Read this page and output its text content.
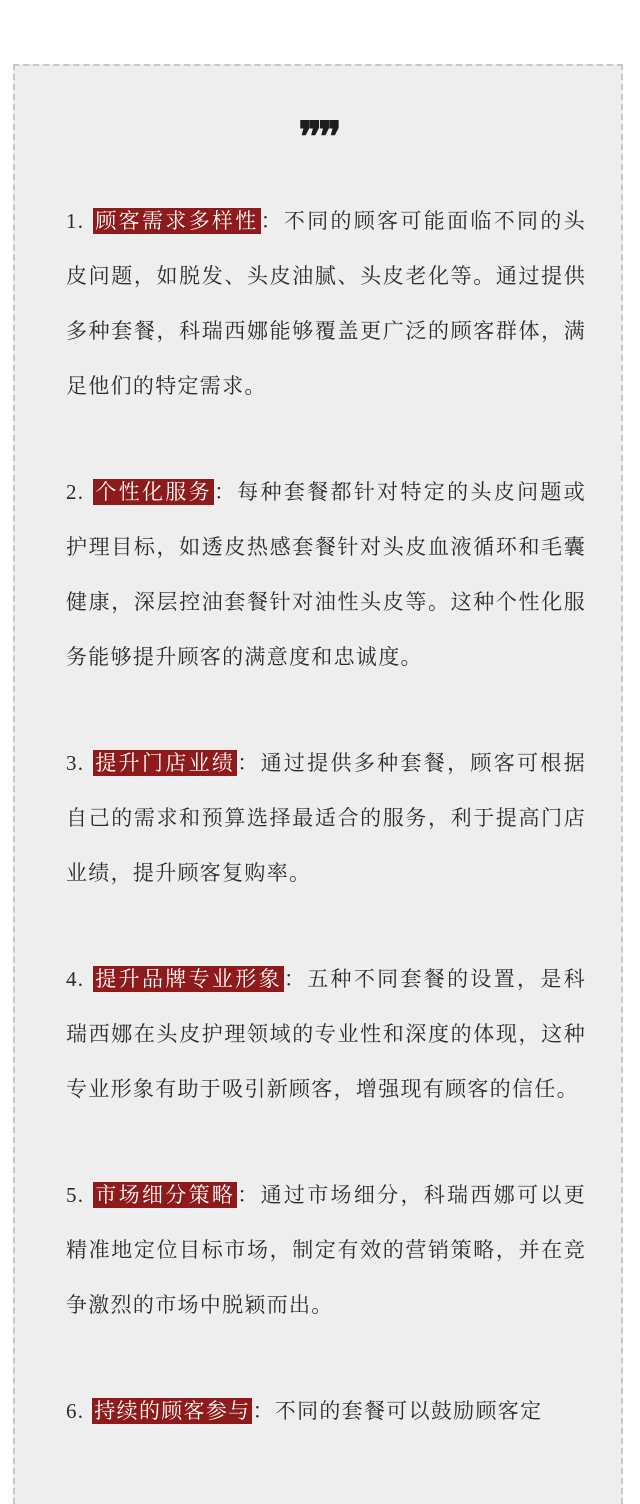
❞❞

1. 顾客需求多样性：不同的顾客可能面临不同的头皮问题，如脱发、头皮油腻、头皮老化等。通过提供多种套餐，科瑞西娜能够覆盖更广泛的顾客群体，满足他们的特定需求。

2. 个性化服务：每种套餐都针对特定的头皮问题或护理目标，如透皮热感套餐针对头皮血液循环和毛囊健康，深层控油套餐针对油性头皮等。这种个性化服务能够提升顾客的满意度和忠诚度。

3. 提升门店业绩：通过提供多种套餐，顾客可根据自己的需求和预算选择最适合的服务，利于提高门店业绩，提升顾客复购率。

4. 提升品牌专业形象：五种不同套餐的设置，是科瑞西娜在头皮护理领域的专业性和深度的体现，这种专业形象有助于吸引新顾客，增强现有顾客的信任。

5. 市场细分策略：通过市场细分，科瑞西娜可以更精准地定位目标市场，制定有效的营销策略，并在竞争激烈的市场中脱颖而出。

6. 持续的顾客参与：不同的套餐可以鼓励顾客定
